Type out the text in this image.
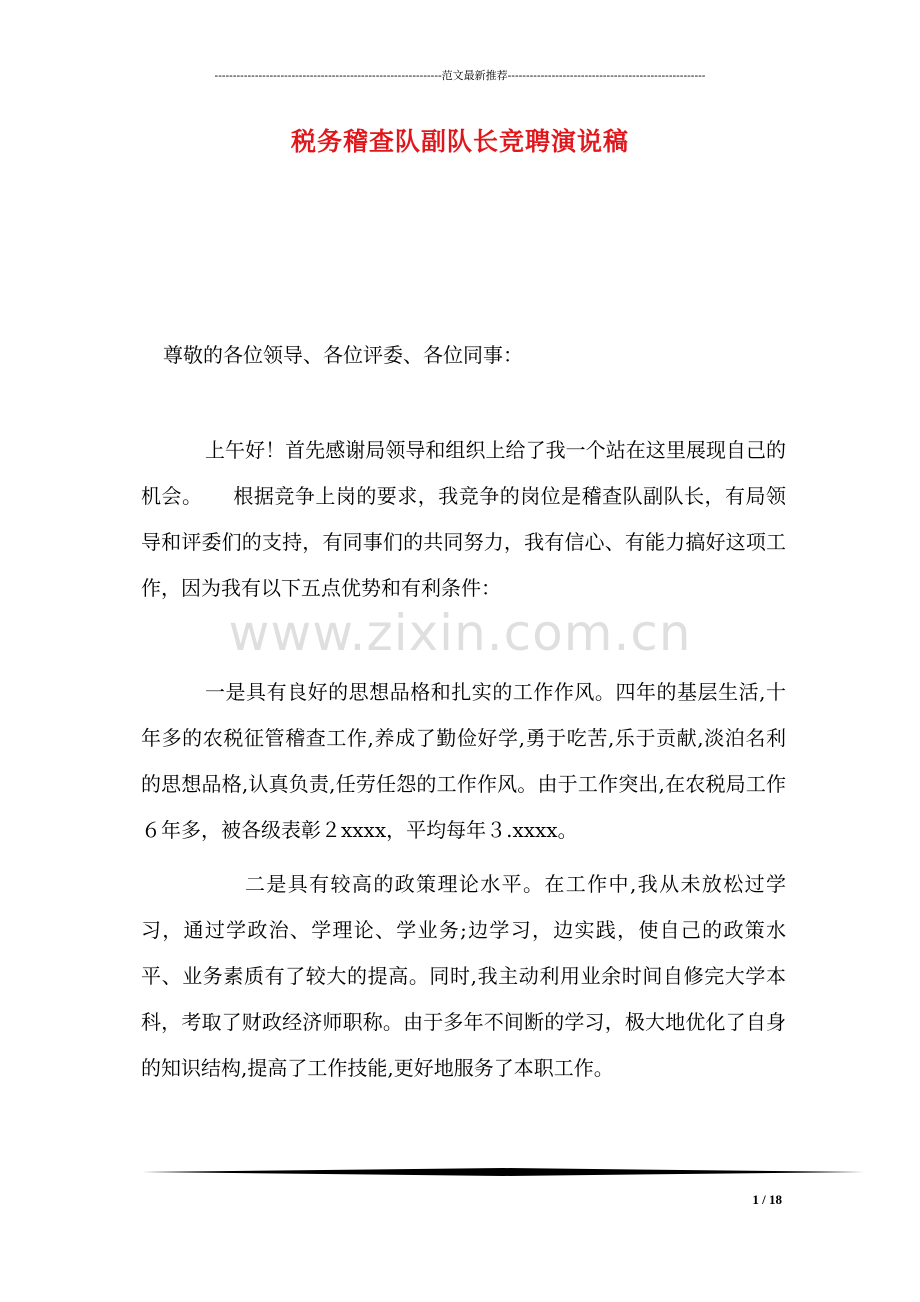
--------------------------------------------------------------范文最新推荐------------------------------------------------------
税务稽查队副队长竞聘演说稿
尊敬的各位领导、各位评委、各位同事：
上午好！首先感谢局领导和组织上给了我一个站在这里展现自己的机会。　　根据竞争上岗的要求，我竞争的岗位是稽查队副队长，有局领导和评委们的支持，有同事们的共同努力，我有信心、有能力搞好这项工作，因为我有以下五点优势和有利条件：
www.zixin.com.cn
一是具有良好的思想品格和扎实的工作作风。四年的基层生活,十年多的农税征管稽查工作,养成了勤俭好学,勇于吃苦,乐于贡献,淡泊名利的思想品格,认真负责,任劳任怨的工作作风。由于工作突出,在农税局工作６年多，被各级表彰２xxxx，平均每年３.xxxx。
二是具有较高的政策理论水平。在工作中,我从未放松过学习，通过学政治、学理论、学业务;边学习，边实践，使自己的政策水平、业务素质有了较大的提高。同时,我主动利用业余时间自修完大学本科，考取了财政经济师职称。由于多年不间断的学习，极大地优化了自身的知识结构,提高了工作技能,更好地服务了本职工作。
1 / 18
